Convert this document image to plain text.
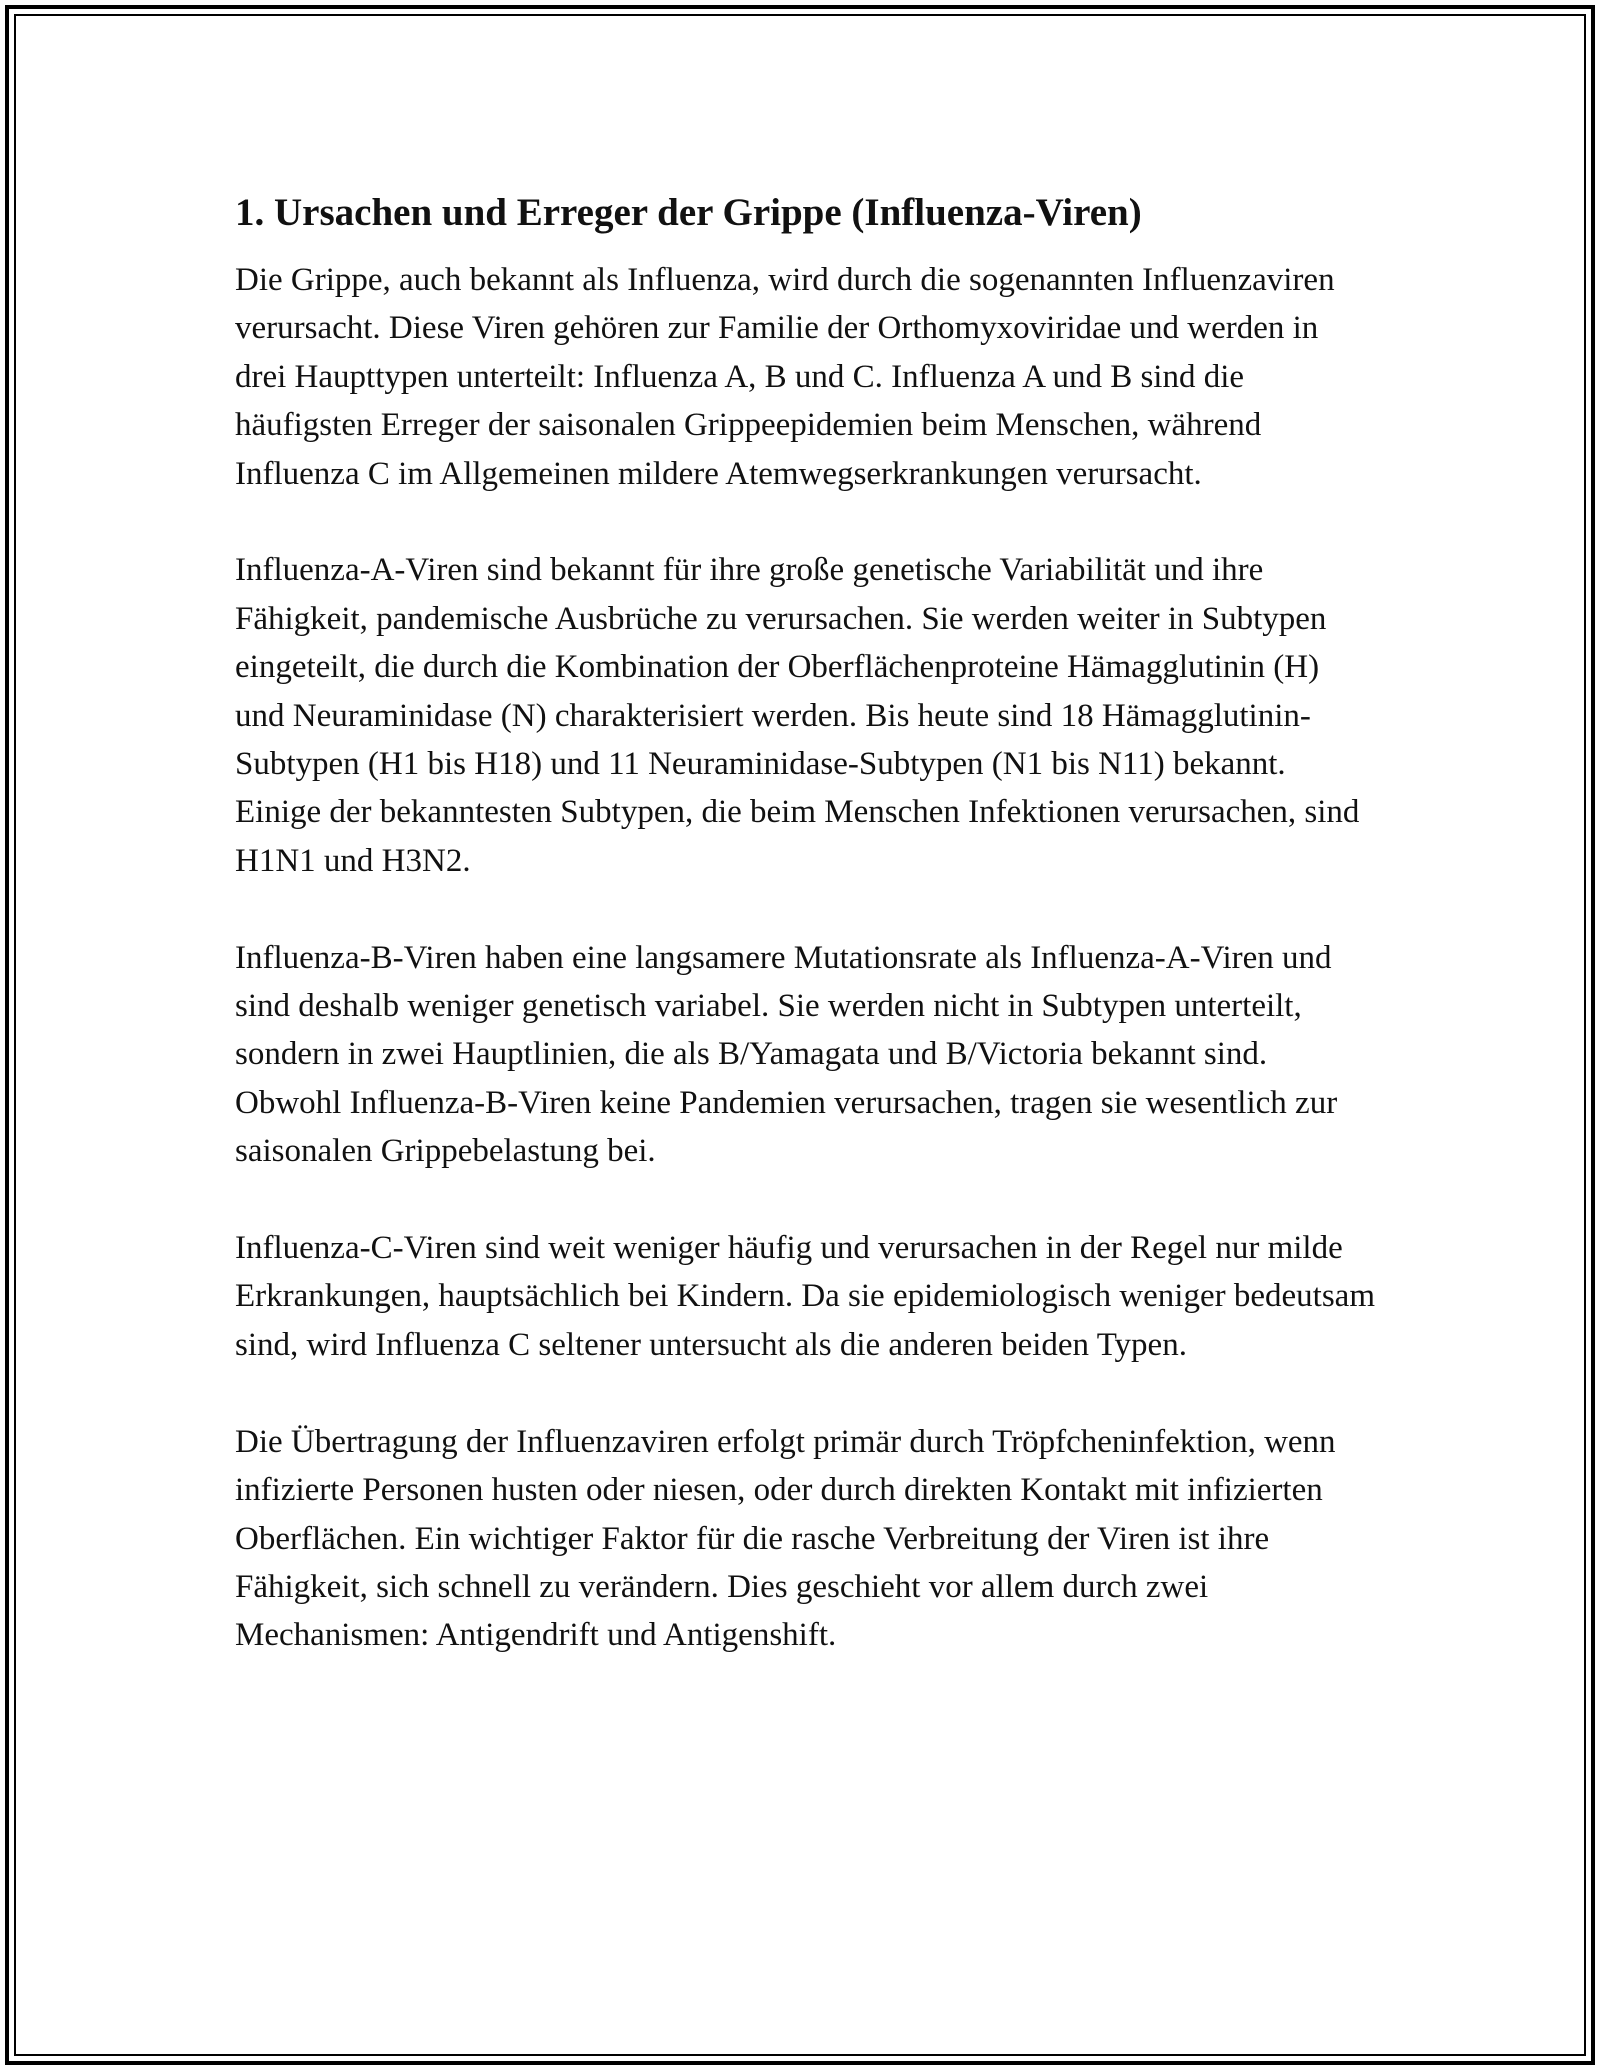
1. Ursachen und Erreger der Grippe (Influenza-Viren)

Die Grippe, auch bekannt als Influenza, wird durch die sogenannten Influenzaviren verursacht. Diese Viren gehören zur Familie der Orthomyxoviridae und werden in drei Haupttypen unterteilt: Influenza A, B und C. Influenza A und B sind die häufigsten Erreger der saisonalen Grippeepidemien beim Menschen, während Influenza C im Allgemeinen mildere Atemwegserkrankungen verursacht.

Influenza-A-Viren sind bekannt für ihre große genetische Variabilität und ihre Fähigkeit, pandemische Ausbrüche zu verursachen. Sie werden weiter in Subtypen eingeteilt, die durch die Kombination der Oberflächenproteine Hämagglutinin (H) und Neuraminidase (N) charakterisiert werden. Bis heute sind 18 Hämagglutinin-Subtypen (H1 bis H18) und 11 Neuraminidase-Subtypen (N1 bis N11) bekannt. Einige der bekanntesten Subtypen, die beim Menschen Infektionen verursachen, sind H1N1 und H3N2.

Influenza-B-Viren haben eine langsamere Mutationsrate als Influenza-A-Viren und sind deshalb weniger genetisch variabel. Sie werden nicht in Subtypen unterteilt, sondern in zwei Hauptlinien, die als B/Yamagata und B/Victoria bekannt sind. Obwohl Influenza-B-Viren keine Pandemien verursachen, tragen sie wesentlich zur saisonalen Grippebelastung bei.

Influenza-C-Viren sind weit weniger häufig und verursachen in der Regel nur milde Erkrankungen, hauptsächlich bei Kindern. Da sie epidemiologisch weniger bedeutsam sind, wird Influenza C seltener untersucht als die anderen beiden Typen.

Die Übertragung der Influenzaviren erfolgt primär durch Tröpfcheninfektion, wenn infizierte Personen husten oder niesen, oder durch direkten Kontakt mit infizierten Oberflächen. Ein wichtiger Faktor für die rasche Verbreitung der Viren ist ihre Fähigkeit, sich schnell zu verändern. Dies geschieht vor allem durch zwei Mechanismen: Antigendrift und Antigenshift.
